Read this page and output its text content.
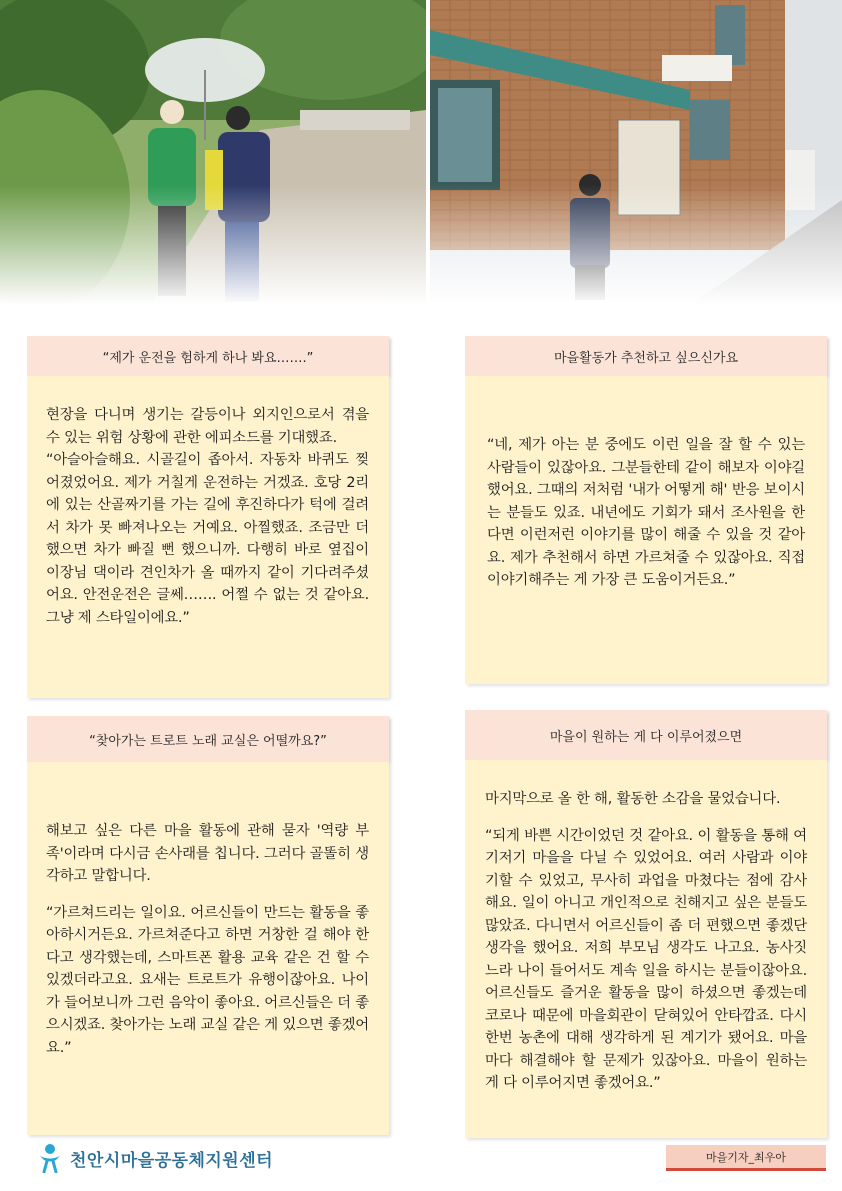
“제가 운전을 험하게 하나 봐요…….”

현장을 다니며 생기는 갈등이나 외지인으로서 겪을 수 있는 위험 상황에 관한 에피소드를 기대했죠.

“아슬아슬해요. 시골길이 좁아서. 자동차 바퀴도 찢어졌었어요. 제가 거칠게 운전하는 거겠죠. 호당 2리에 있는 산골짜기를 가는 길에 후진하다가 턱에 걸려서 차가 못 빠져나오는 거예요. 아찔했죠. 조금만 더 했으면 차가 빠질 뻔 했으니까. 다행히 바로 옆집이 이장님 댁이라 견인차가 올 때까지 같이 기다려주셨어요. 안전운전은 글쎄……. 어쩔 수 없는 것 같아요. 그냥 제 스타일이에요.”

마을활동가 추천하고 싶으신가요

“네, 제가 아는 분 중에도 이런 일을 잘 할 수 있는 사람들이 있잖아요. 그분들한테 같이 해보자 이야길 했어요. 그때의 저처럼 '내가 어떻게 해' 반응 보이시는 분들도 있죠. 내년에도 기회가 돼서 조사원을 한다면 이런저런 이야기를 많이 해줄 수 있을 것 같아요. 제가 추천해서 하면 가르쳐줄 수 있잖아요. 직접 이야기해주는 게 가장 큰 도움이거든요.”

“찾아가는 트로트 노래 교실은 어떨까요?”

해보고 싶은 다른 마을 활동에 관해 묻자 '역량 부족'이라며 다시금 손사래를 칩니다. 그러다 골똘히 생각하고 말합니다.

“가르쳐드리는 일이요. 어르신들이 만드는 활동을 좋아하시거든요. 가르쳐준다고 하면 거창한 걸 해야 한다고 생각했는데, 스마트폰 활용 교육 같은 건 할 수 있겠더라고요. 요새는 트로트가 유행이잖아요. 나이가 들어보니까 그런 음악이 좋아요. 어르신들은 더 좋으시겠죠. 찾아가는 노래 교실 같은 게 있으면 좋겠어요.”

마을이 원하는 게 다 이루어졌으면

마지막으로 올 한 해, 활동한 소감을 물었습니다.

“되게 바쁜 시간이었던 것 같아요. 이 활동을 통해 여기저기 마을을 다닐 수 있었어요. 여러 사람과 이야기할 수 있었고, 무사히 과업을 마쳤다는 점에 감사해요. 일이 아니고 개인적으로 친해지고 싶은 분들도 많았죠. 다니면서 어르신들이 좀 더 편했으면 좋겠단 생각을 했어요. 저희 부모님 생각도 나고요. 농사짓느라 나이 들어서도 계속 일을 하시는 분들이잖아요. 어르신들도 즐거운 활동을 많이 하셨으면 좋겠는데 코로나 때문에 마을회관이 닫혀있어 안타깝죠. 다시 한번 농촌에 대해 생각하게 된 계기가 됐어요. 마을마다 해결해야 할 문제가 있잖아요. 마을이 원하는 게 다 이루어지면 좋겠어요.”

천안시마을공동체지원센터	마을기자_최우아
